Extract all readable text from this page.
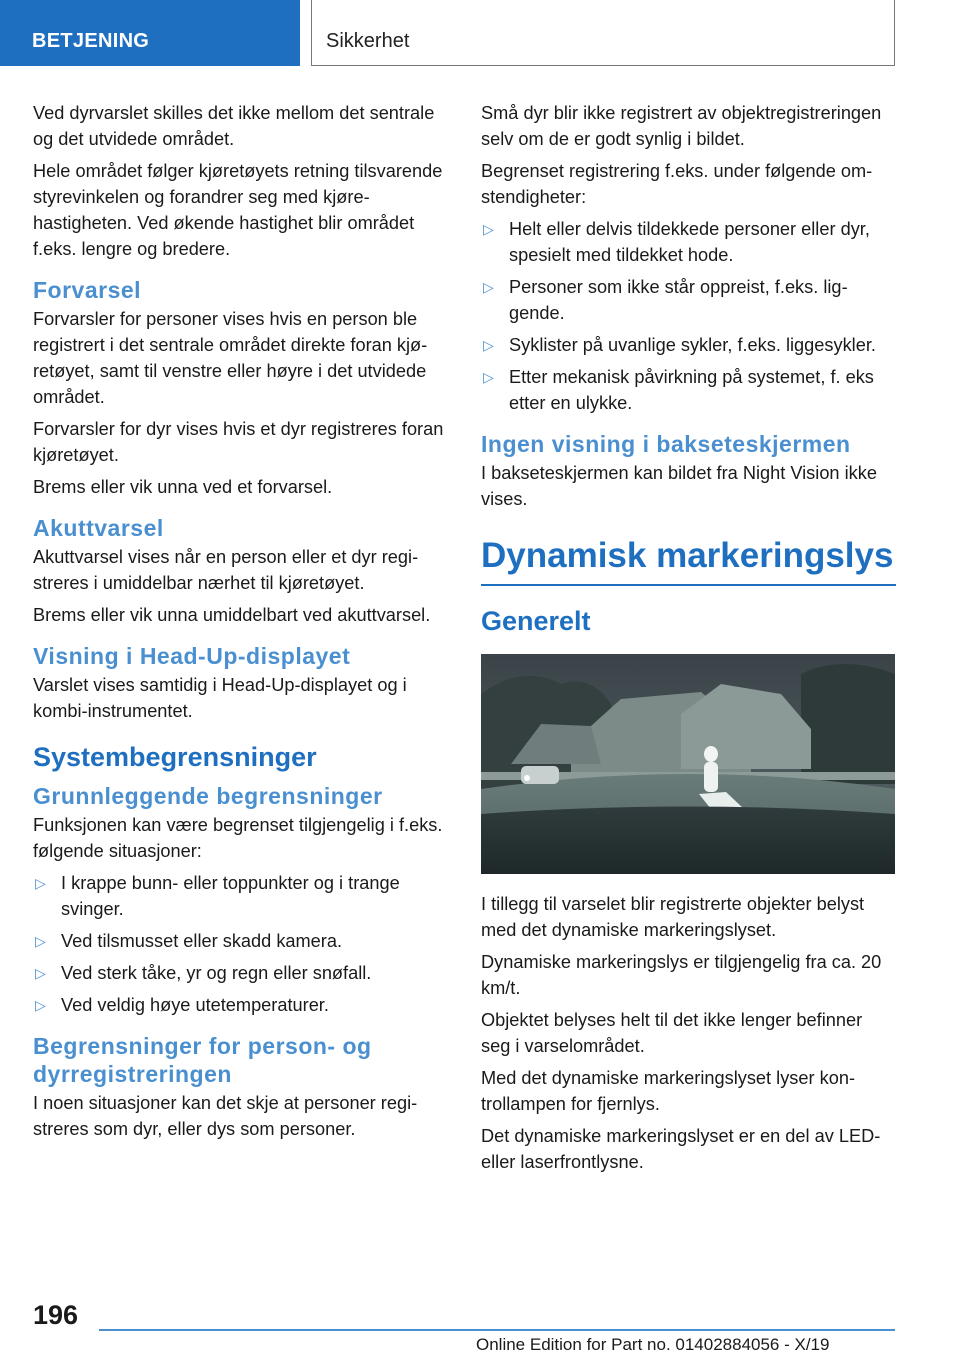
BETJENING	Sikkerhet

Ved dyrvarslet skilles det ikke mellom det sentrale og det utvidede området.

Hele området følger kjøretøyets retning tilsvarende styrevinkelen og forandrer seg med kjørehastigheten. Ved økende hastighet blir området f.eks. lengre og bredere.

Forvarsel

Forvarsler for personer vises hvis en person ble registrert i det sentrale området direkte foran kjøretøyet, samt til venstre eller høyre i det utvidede området.

Forvarsler for dyr vises hvis et dyr registreres foran kjøretøyet.

Brems eller vik unna ved et forvarsel.

Akuttvarsel

Akuttvarsel vises når en person eller et dyr registreres i umiddelbar nærhet til kjøretøyet.

Brems eller vik unna umiddelbart ved akuttvarsel.

Visning i Head-Up-displayet

Varslet vises samtidig i Head-Up-displayet og i kombi-instrumentet.

Systembegrensninger
Grunnleggende begrensninger

Funksjonen kan være begrenset tilgjengelig i f.eks. følgende situasjoner:

▷ I krappe bunn- eller toppunkter og i trange svinger.
▷ Ved tilsmusset eller skadd kamera.
▷ Ved sterk tåke, yr og regn eller snøfall.
▷ Ved veldig høye utetemperaturer.
Begrensninger for person- og dyrregistreringen

I noen situasjoner kan det skje at personer registreres som dyr, eller dys som personer.

Små dyr blir ikke registrert av objektregistreringen selv om de er godt synlig i bildet.

Begrenset registrering f.eks. under følgende omstendigheter:

▷ Helt eller delvis tildekkede personer eller dyr, spesielt med tildekket hode.
▷ Personer som ikke står oppreist, f.eks. liggende.
▷ Syklister på uvanlige sykler, f.eks. liggesykler.
▷ Etter mekanisk påvirkning på systemet, f. eks etter en ulykke.
Ingen visning i bakseteskjermen

I bakseteskjermen kan bildet fra Night Vision ikke vises.

Dynamisk markeringslys
Generelt

I tillegg til varselet blir registrerte objekter belyst med det dynamiske markeringslyset.

Dynamiske markeringslys er tilgjengelig fra ca. 20 km/t.

Objektet belyses helt til det ikke lenger befinner seg i varselområdet.

Med det dynamiske markeringslyset lyser kontrollampen for fjernlys.

Det dynamiske markeringslyset er en del av LED- eller laserfrontlysne.

196
Online Edition for Part no. 01402884056 - X/19
